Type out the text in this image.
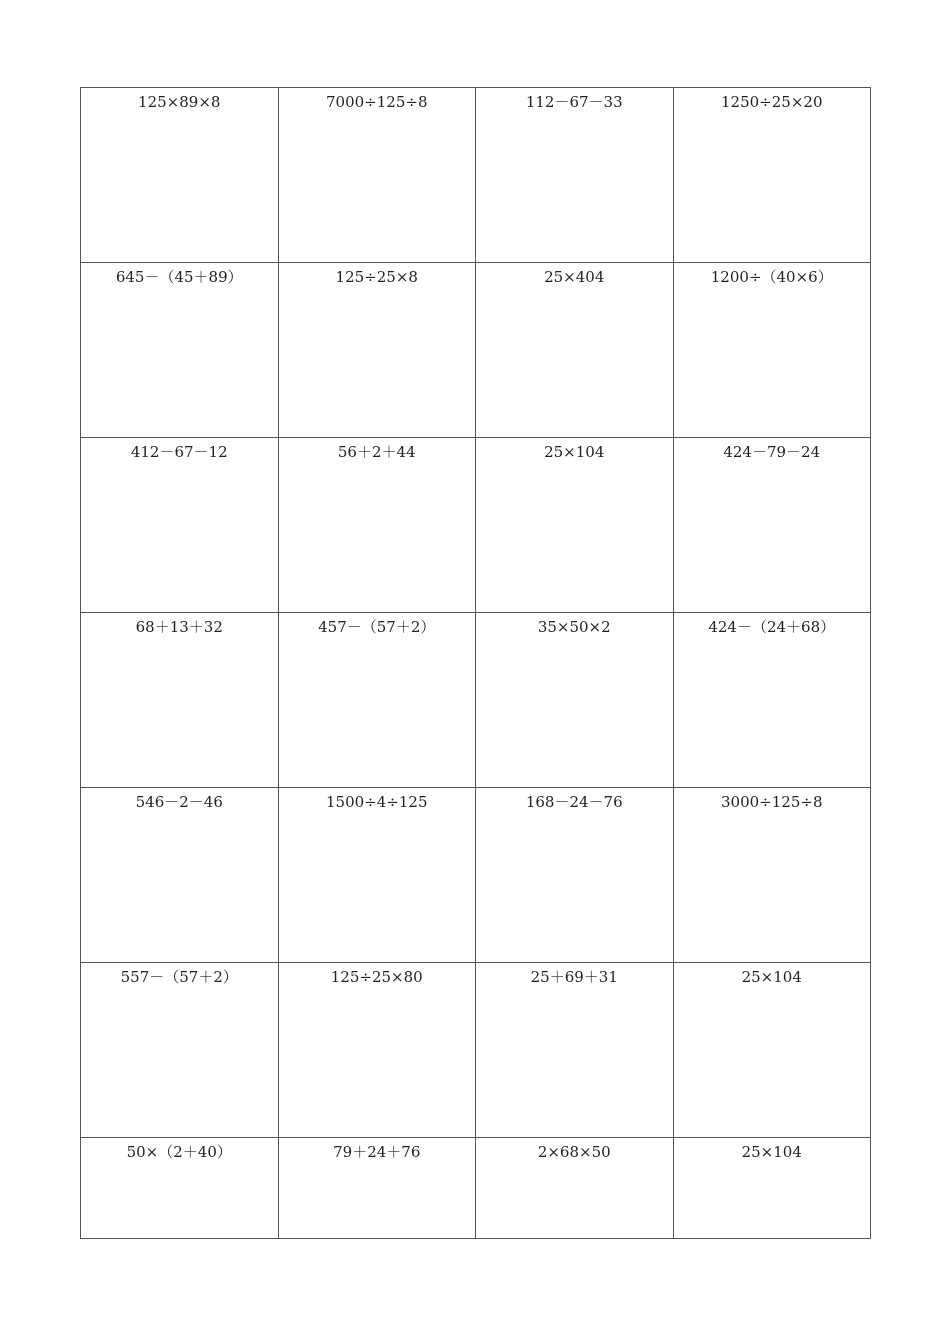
125×89×8	7000÷125÷8	112－67－33	1250÷25×20
645－（45＋89）	125÷25×8	25×404	1200÷（40×6）
412－67－12	56＋2＋44	25×104	424－79－24
68＋13＋32	457－（57＋2）	35×50×2	424－（24＋68）
546－2－46	1500÷4÷125	168－24－76	3000÷125÷8
557－（57＋2）	125÷25×80	25＋69＋31	25×104
50×（2＋40）	79＋24＋76	2×68×50	25×104
